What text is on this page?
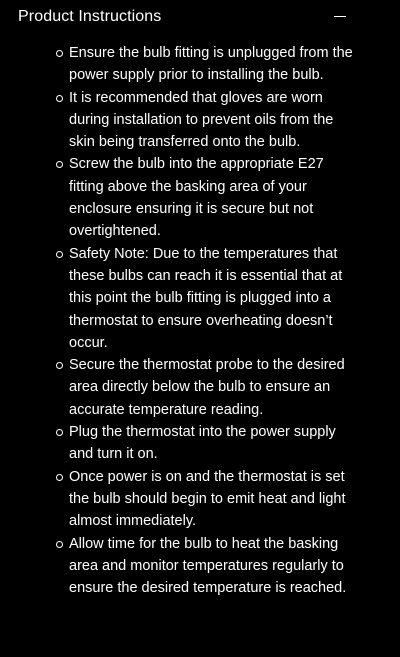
Product Instructions
Ensure the bulb fitting is unplugged from the power supply prior to installing the bulb.
It is recommended that gloves are worn during installation to prevent oils from the skin being transferred onto the bulb.
Screw the bulb into the appropriate E27 fitting above the basking area of your enclosure ensuring it is secure but not overtightened.
Safety Note: Due to the temperatures that these bulbs can reach it is essential that at this point the bulb fitting is plugged into a thermostat to ensure overheating doesn’t occur.
Secure the thermostat probe to the desired area directly below the bulb to ensure an accurate temperature reading.
Plug the thermostat into the power supply and turn it on.
Once power is on and the thermostat is set the bulb should begin to emit heat and light almost immediately.
Allow time for the bulb to heat the basking area and monitor temperatures regularly to ensure the desired temperature is reached.
